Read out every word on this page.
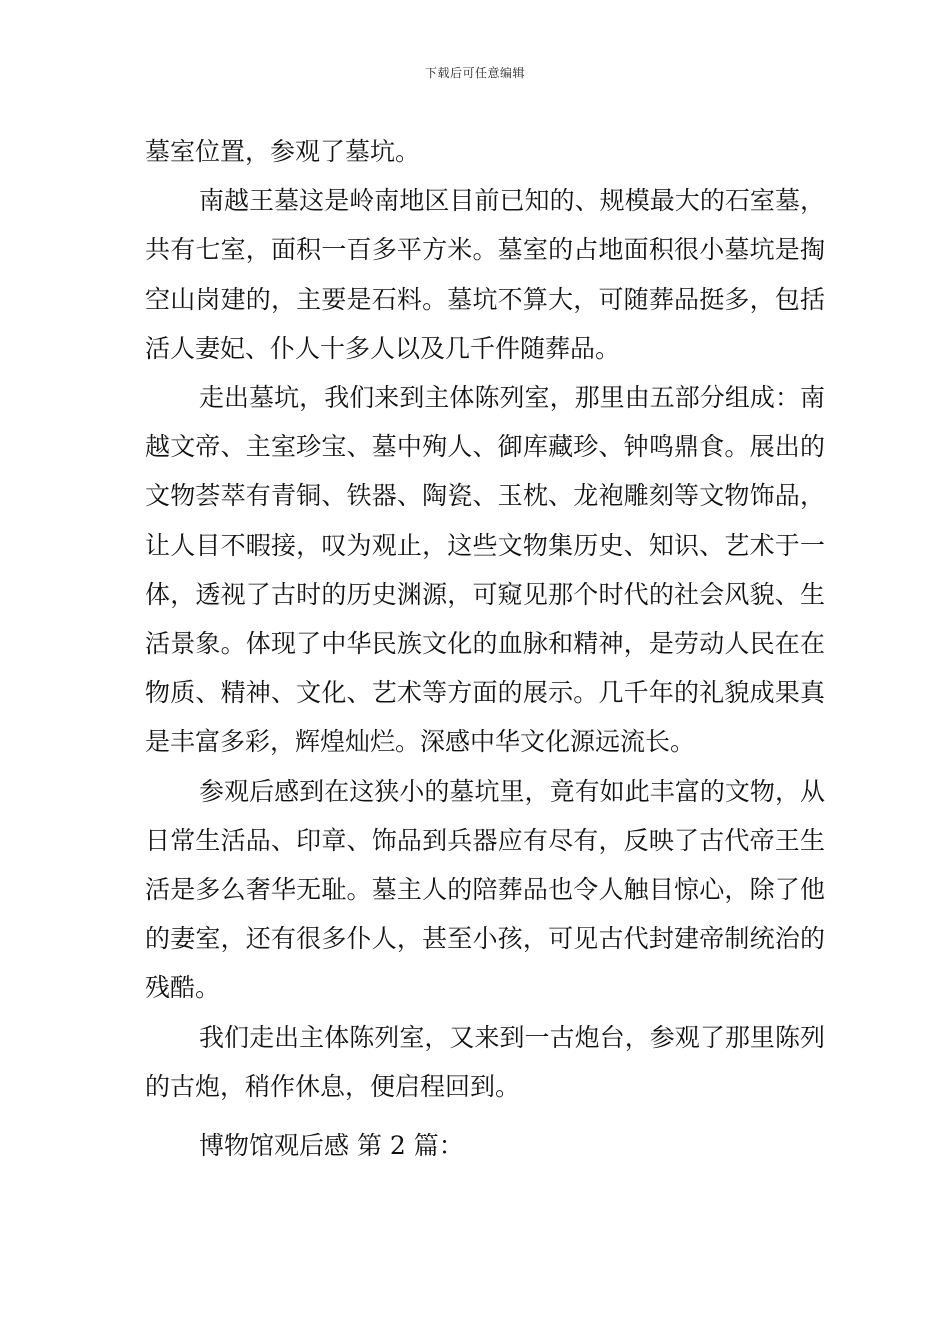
下载后可任意编辑

墓室位置，参观了墓坑。

南越王墓这是岭南地区目前已知的、规模最大的石室墓，共有七室，面积一百多平方米。墓室的占地面积很小墓坑是掏空山岗建的，主要是石料。墓坑不算大，可随葬品挺多，包括活人妻妃、仆人十多人以及几千件随葬品。

走出墓坑，我们来到主体陈列室，那里由五部分组成：南越文帝、主室珍宝、墓中殉人、御库藏珍、钟鸣鼎食。展出的文物荟萃有青铜、铁器、陶瓷、玉枕、龙袍雕刻等文物饰品，让人目不暇接，叹为观止，这些文物集历史、知识、艺术于一体，透视了古时的历史渊源，可窥见那个时代的社会风貌、生活景象。体现了中华民族文化的血脉和精神，是劳动人民在在物质、精神、文化、艺术等方面的展示。几千年的礼貌成果真是丰富多彩，辉煌灿烂。深感中华文化源远流长。

参观后感到在这狭小的墓坑里，竟有如此丰富的文物，从日常生活品、印章、饰品到兵器应有尽有，反映了古代帝王生活是多么奢华无耻。墓主人的陪葬品也令人触目惊心，除了他的妻室，还有很多仆人，甚至小孩，可见古代封建帝制统治的残酷。

我们走出主体陈列室，又来到一古炮台，参观了那里陈列的古炮，稍作休息，便启程回到。

博物馆观后感 第 2 篇：
